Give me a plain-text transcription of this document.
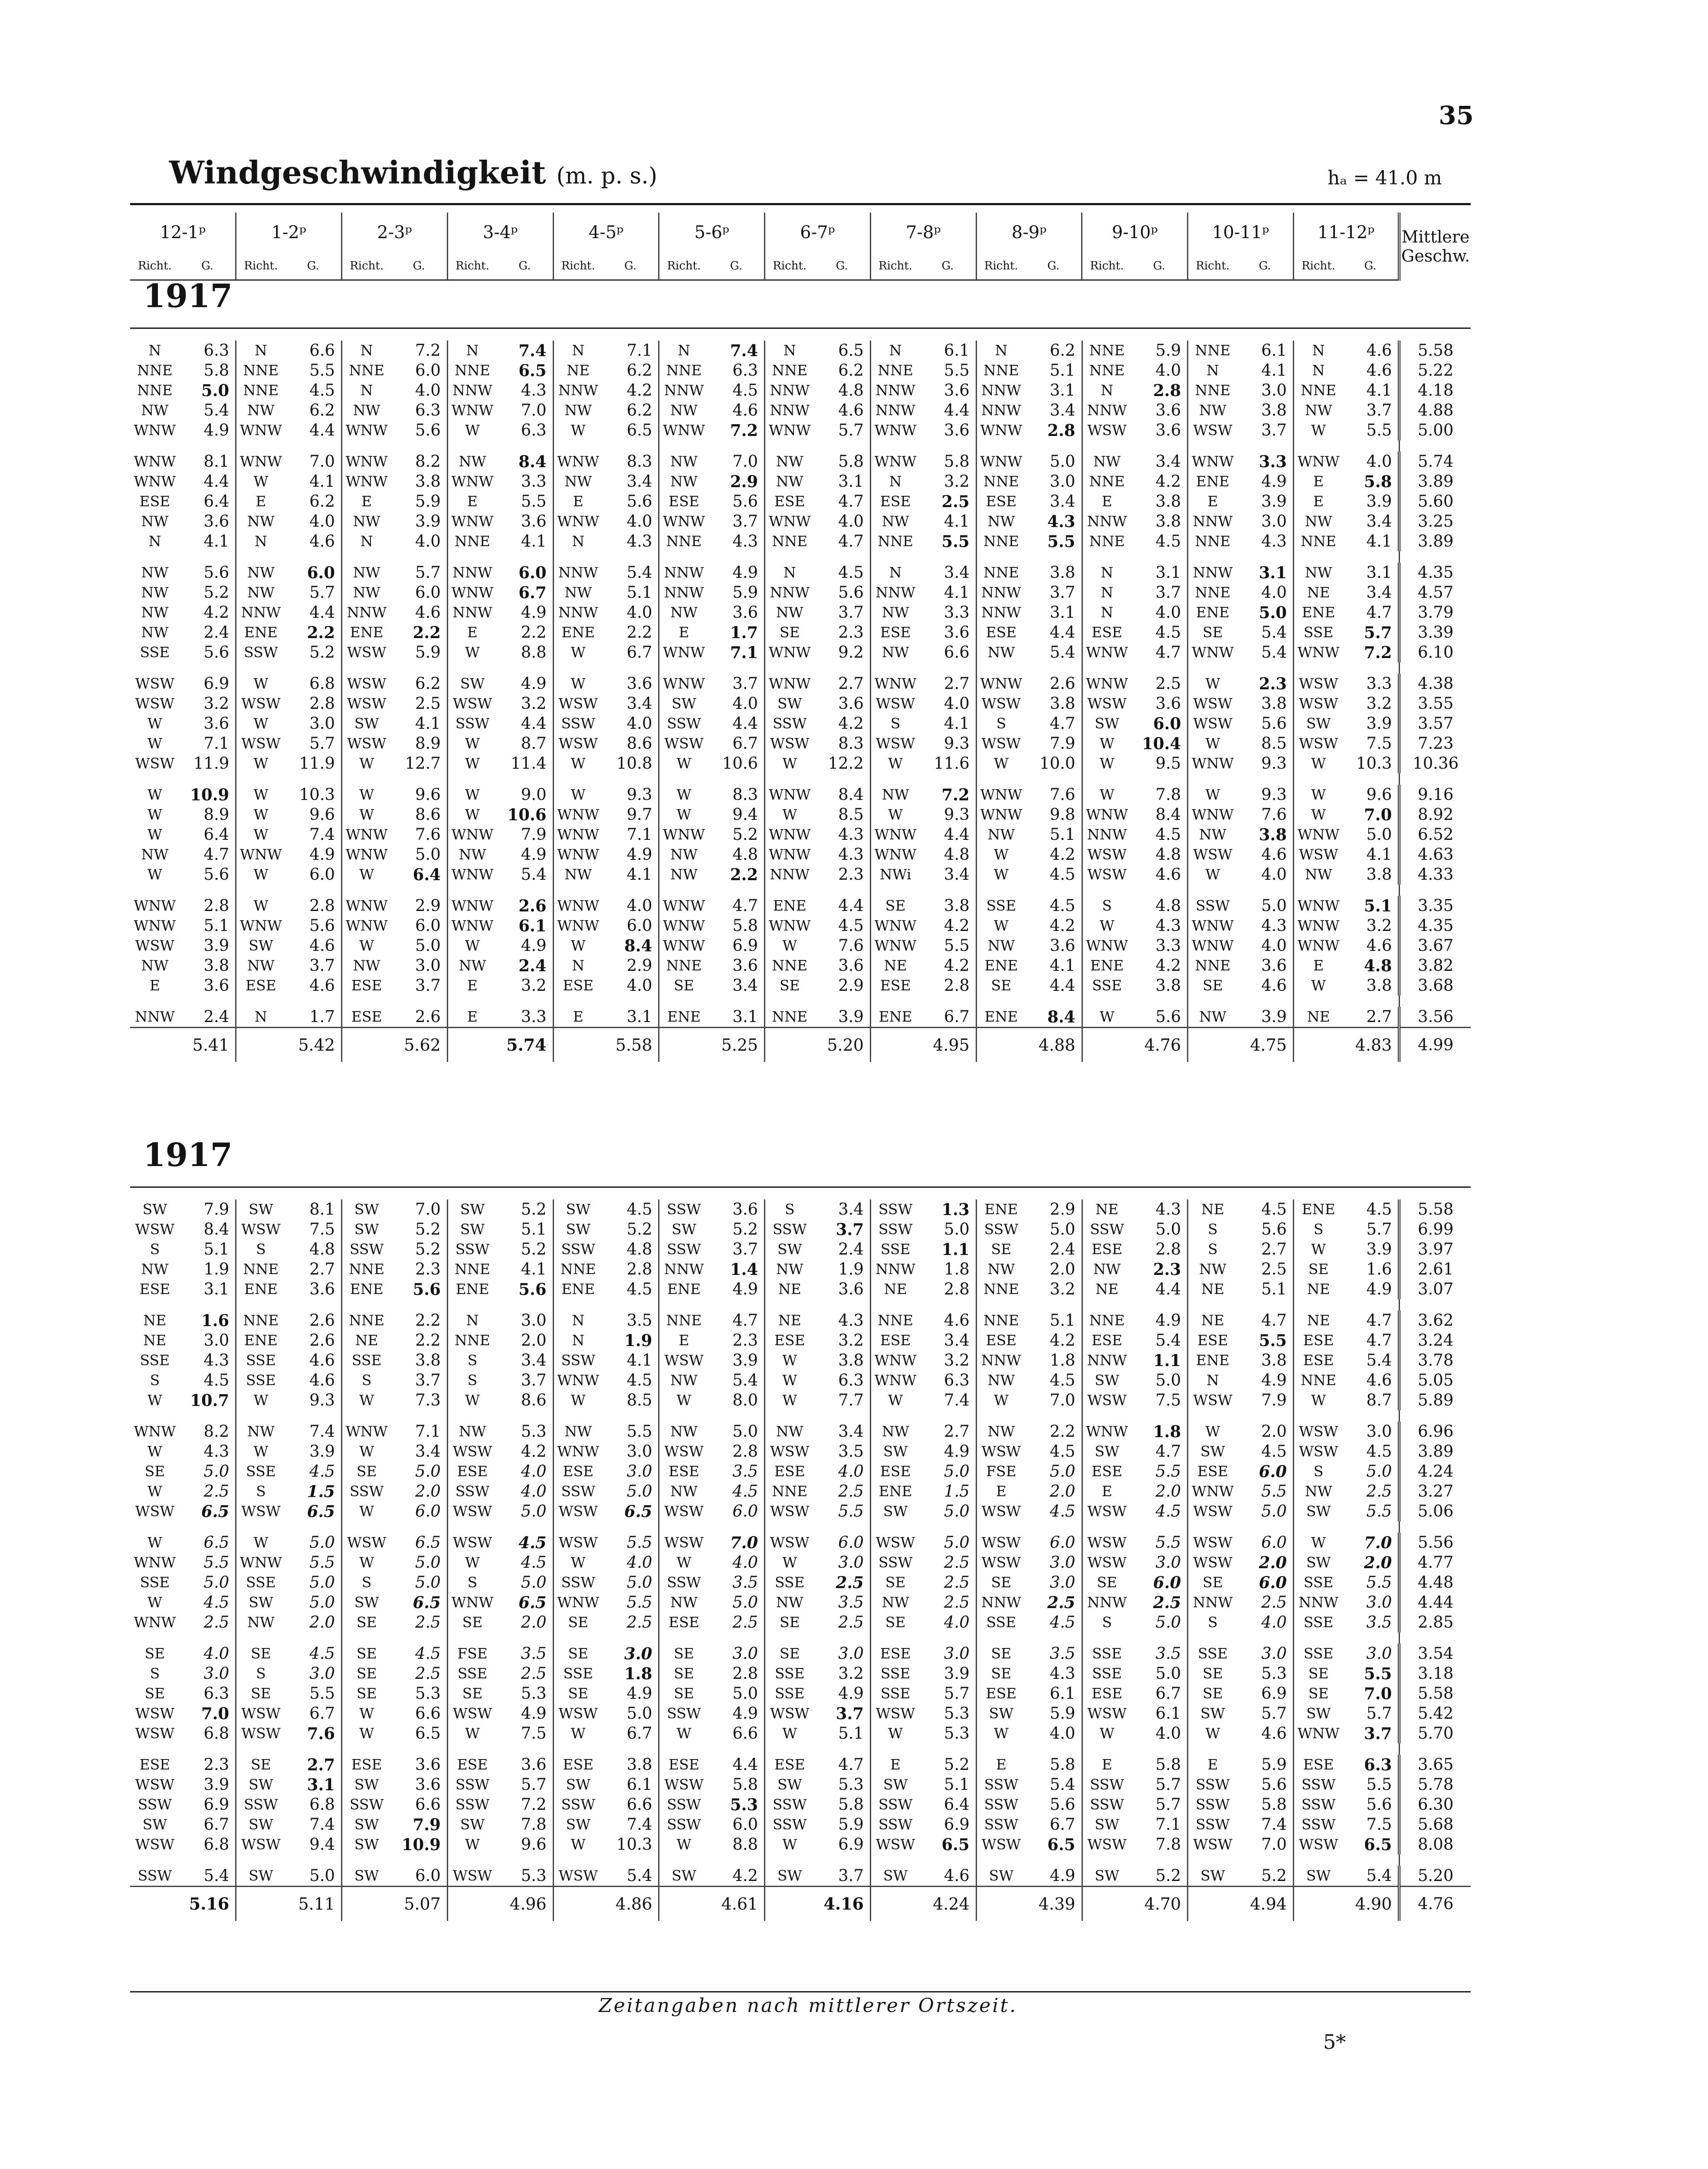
35
Windgeschwindigkeit (m. p. s.)	hₐ = 41.0 m
12-1ᵖ		1-2ᵖ		2-3ᵖ		3-4ᵖ		4-5ᵖ		5-6ᵖ		6-7ᵖ		7-8ᵖ		8-9ᵖ		9-10ᵖ		10-11ᵖ		11-12ᵖ		Mittlere Geschw.
Richt.	G.	Richt.	G.	Richt.	G.	Richt.	G.	Richt.	G.	Richt.	G.	Richt.	G.	Richt.	G.	Richt.	G.	Richt.	G.	Richt.	G.	Richt.	G.	
1917
N	6.3	N	6.6	N	7.2	N	7.4	N	7.1	N	7.4	N	6.5	N	6.1	N	6.2	NNE	5.9	NNE	6.1	N	4.6	5.58
NNE	5.8	NNE	5.5	NNE	6.0	NNE	6.5	NE	6.2	NNE	6.3	NNE	6.2	NNE	5.5	NNE	5.1	NNE	4.0	N	4.1	N	4.6	5.22
NNE	5.0	NNE	4.5	N	4.0	NNW	4.3	NNW	4.2	NNW	4.5	NNW	4.8	NNW	3.6	NNW	3.1	N	2.8	NNE	3.0	NNE	4.1	4.18
NW	5.4	NW	6.2	NW	6.3	WNW	7.0	NW	6.2	NW	4.6	NNW	4.6	NNW	4.4	NNW	3.4	NNW	3.6	NW	3.8	NW	3.7	4.88
WNW	4.9	WNW	4.4	WNW	5.6	W	6.3	W	6.5	WNW	7.2	WNW	5.7	WNW	3.6	WNW	2.8	WSW	3.6	WSW	3.7	W	5.5	5.00

WNW	8.1	WNW	7.0	WNW	8.2	NW	8.4	WNW	8.3	NW	7.0	NW	5.8	WNW	5.8	WNW	5.0	NW	3.4	WNW	3.3	WNW	4.0	5.74
WNW	4.4	W	4.1	WNW	3.8	WNW	3.3	NW	3.4	NW	2.9	NW	3.1	N	3.2	NNE	3.0	NNE	4.2	ENE	4.9	E	5.8	3.89
ESE	6.4	E	6.2	E	5.9	E	5.5	E	5.6	ESE	5.6	ESE	4.7	ESE	2.5	ESE	3.4	E	3.8	E	3.9	E	3.9	5.60
NW	3.6	NW	4.0	NW	3.9	WNW	3.6	WNW	4.0	WNW	3.7	WNW	4.0	NW	4.1	NW	4.3	NNW	3.8	NNW	3.0	NW	3.4	3.25
N	4.1	N	4.6	N	4.0	NNE	4.1	N	4.3	NNE	4.3	NNE	4.7	NNE	5.5	NNE	5.5	NNE	4.5	NNE	4.3	NNE	4.1	3.89

NW	5.6	NW	6.0	NW	5.7	NNW	6.0	NNW	5.4	NNW	4.9	N	4.5	N	3.4	NNE	3.8	N	3.1	NNW	3.1	NW	3.1	4.35
NW	5.2	NW	5.7	NW	6.0	WNW	6.7	NW	5.1	NNW	5.9	NNW	5.6	NNW	4.1	NNW	3.7	N	3.7	NNE	4.0	NE	3.4	4.57
NW	4.2	NNW	4.4	NNW	4.6	NNW	4.9	NNW	4.0	NW	3.6	NW	3.7	NW	3.3	NNW	3.1	N	4.0	ENE	5.0	ENE	4.7	3.79
NW	2.4	ENE	2.2	ENE	2.2	E	2.2	ENE	2.2	E	1.7	SE	2.3	ESE	3.6	ESE	4.4	ESE	4.5	SE	5.4	SSE	5.7	3.39
SSE	5.6	SSW	5.2	WSW	5.9	W	8.8	W	6.7	WNW	7.1	WNW	9.2	NW	6.6	NW	5.4	WNW	4.7	WNW	5.4	WNW	7.2	6.10

WSW	6.9	W	6.8	WSW	6.2	SW	4.9	W	3.6	WNW	3.7	WNW	2.7	WNW	2.7	WNW	2.6	WNW	2.5	W	2.3	WSW	3.3	4.38
WSW	3.2	WSW	2.8	WSW	2.5	WSW	3.2	WSW	3.4	SW	4.0	SW	3.6	WSW	4.0	WSW	3.8	WSW	3.6	WSW	3.8	WSW	3.2	3.55
W	3.6	W	3.0	SW	4.1	SSW	4.4	SSW	4.0	SSW	4.4	SSW	4.2	S	4.1	S	4.7	SW	6.0	WSW	5.6	SW	3.9	3.57
W	7.1	WSW	5.7	WSW	8.9	W	8.7	WSW	8.6	WSW	6.7	WSW	8.3	WSW	9.3	WSW	7.9	W	10.4	W	8.5	WSW	7.5	7.23
WSW	11.9	W	11.9	W	12.7	W	11.4	W	10.8	W	10.6	W	12.2	W	11.6	W	10.0	W	9.5	WNW	9.3	W	10.3	10.36

W	10.9	W	10.3	W	9.6	W	9.0	W	9.3	W	8.3	WNW	8.4	NW	7.2	WNW	7.6	W	7.8	W	9.3	W	9.6	9.16
W	8.9	W	9.6	W	8.6	W	10.6	WNW	9.7	W	9.4	W	8.5	W	9.3	WNW	9.8	WNW	8.4	WNW	7.6	W	7.0	8.92
W	6.4	W	7.4	WNW	7.6	WNW	7.9	WNW	7.1	WNW	5.2	WNW	4.3	WNW	4.4	NW	5.1	NNW	4.5	NW	3.8	WNW	5.0	6.52
NW	4.7	WNW	4.9	WNW	5.0	NW	4.9	WNW	4.9	NW	4.8	WNW	4.3	WNW	4.8	W	4.2	WSW	4.8	WSW	4.6	WSW	4.1	4.63
W	5.6	W	6.0	W	6.4	WNW	5.4	NW	4.1	NW	2.2	NNW	2.3	NWi	3.4	W	4.5	WSW	4.6	W	4.0	NW	3.8	4.33

WNW	2.8	W	2.8	WNW	2.9	WNW	2.6	WNW	4.0	WNW	4.7	ENE	4.4	SE	3.8	SSE	4.5	S	4.8	SSW	5.0	WNW	5.1	3.35
WNW	5.1	WNW	5.6	WNW	6.0	WNW	6.1	WNW	6.0	WNW	5.8	WNW	4.5	WNW	4.2	W	4.2	W	4.3	WNW	4.3	WNW	3.2	4.35
WSW	3.9	SW	4.6	W	5.0	W	4.9	W	8.4	WNW	6.9	W	7.6	WNW	5.5	NW	3.6	WNW	3.3	WNW	4.0	WNW	4.6	3.67
NW	3.8	NW	3.7	NW	3.0	NW	2.4	N	2.9	NNE	3.6	NNE	3.6	NE	4.2	ENE	4.1	ENE	4.2	NNE	3.6	E	4.8	3.82
E	3.6	ESE	4.6	ESE	3.7	E	3.2	ESE	4.0	SE	3.4	SE	2.9	ESE	2.8	SE	4.4	SSE	3.8	SE	4.6	W	3.8	3.68

NNW	2.4	N	1.7	ESE	2.6	E	3.3	E	3.1	ENE	3.1	NNE	3.9	ENE	6.7	ENE	8.4	W	5.6	NW	3.9	NE	2.7	3.56
	5.41		5.42		5.62		5.74		5.58		5.25		5.20		4.95		4.88		4.76		4.75		4.83	4.99
1917
SW	7.9	SW	8.1	SW	7.0	SW	5.2	SW	4.5	SSW	3.6	S	3.4	SSW	1.3	ENE	2.9	NE	4.3	NE	4.5	ENE	4.5	5.58
WSW	8.4	WSW	7.5	SW	5.2	SW	5.1	SW	5.2	SW	5.2	SSW	3.7	SSW	5.0	SSW	5.0	SSW	5.0	S	5.6	S	5.7	6.99
S	5.1	S	4.8	SSW	5.2	SSW	5.2	SSW	4.8	SSW	3.7	SW	2.4	SSE	1.1	SE	2.4	ESE	2.8	S	2.7	W	3.9	3.97
NW	1.9	NNE	2.7	NNE	2.3	NNE	4.1	NNE	2.8	NNW	1.4	NW	1.9	NNW	1.8	NW	2.0	NW	2.3	NW	2.5	SE	1.6	2.61
ESE	3.1	ENE	3.6	ENE	5.6	ENE	5.6	ENE	4.5	ENE	4.9	NE	3.6	NE	2.8	NNE	3.2	NE	4.4	NE	5.1	NE	4.9	3.07

NE	1.6	NNE	2.6	NNE	2.2	N	3.0	N	3.5	NNE	4.7	NE	4.3	NNE	4.6	NNE	5.1	NNE	4.9	NE	4.7	NE	4.7	3.62
NE	3.0	ENE	2.6	NE	2.2	NNE	2.0	N	1.9	E	2.3	ESE	3.2	ESE	3.4	ESE	4.2	ESE	5.4	ESE	5.5	ESE	4.7	3.24
SSE	4.3	SSE	4.6	SSE	3.8	S	3.4	SSW	4.1	WSW	3.9	W	3.8	WNW	3.2	NNW	1.8	NNW	1.1	ENE	3.8	ESE	5.4	3.78
S	4.5	SSE	4.6	S	3.7	S	3.7	WNW	4.5	NW	5.4	W	6.3	WNW	6.3	NW	4.5	SW	5.0	N	4.9	NNE	4.6	5.05
W	10.7	W	9.3	W	7.3	W	8.6	W	8.5	W	8.0	W	7.7	W	7.4	W	7.0	WSW	7.5	WSW	7.9	W	8.7	5.89

WNW	8.2	NW	7.4	WNW	7.1	NW	5.3	NW	5.5	NW	5.0	NW	3.4	NW	2.7	NW	2.2	WNW	1.8	W	2.0	WSW	3.0	6.96
W	4.3	W	3.9	W	3.4	WSW	4.2	WNW	3.0	WSW	2.8	WSW	3.5	SW	4.9	WSW	4.5	SW	4.7	SW	4.5	WSW	4.5	3.89
SE	5.0	SSE	4.5	SE	5.0	ESE	4.0	ESE	3.0	ESE	3.5	ESE	4.0	ESE	5.0	FSE	5.0	ESE	5.5	ESE	6.0	S	5.0	4.24
W	2.5	S	1.5	SSW	2.0	SSW	4.0	SSW	5.0	NW	4.5	NNE	2.5	ENE	1.5	E	2.0	E	2.0	WNW	5.5	NW	2.5	3.27
WSW	6.5	WSW	6.5	W	6.0	WSW	5.0	WSW	6.5	WSW	6.0	WSW	5.5	SW	5.0	WSW	4.5	WSW	4.5	WSW	5.0	SW	5.5	5.06

W	6.5	W	5.0	WSW	6.5	WSW	4.5	WSW	5.5	WSW	7.0	WSW	6.0	WSW	5.0	WSW	6.0	WSW	5.5	WSW	6.0	W	7.0	5.56
WNW	5.5	WNW	5.5	W	5.0	W	4.5	W	4.0	W	4.0	W	3.0	SSW	2.5	WSW	3.0	WSW	3.0	WSW	2.0	SW	2.0	4.77
SSE	5.0	SSE	5.0	S	5.0	S	5.0	SSW	5.0	SSW	3.5	SSE	2.5	SE	2.5	SE	3.0	SE	6.0	SE	6.0	SSE	5.5	4.48
W	4.5	SW	5.0	SW	6.5	WNW	6.5	WNW	5.5	NW	5.0	NW	3.5	NW	2.5	NNW	2.5	NNW	2.5	NNW	2.5	NNW	3.0	4.44
WNW	2.5	NW	2.0	SE	2.5	SE	2.0	SE	2.5	ESE	2.5	SE	2.5	SE	4.0	SSE	4.5	S	5.0	S	4.0	SSE	3.5	2.85

SE	4.0	SE	4.5	SE	4.5	FSE	3.5	SE	3.0	SE	3.0	SE	3.0	ESE	3.0	SE	3.5	SSE	3.5	SSE	3.0	SSE	3.0	3.54
S	3.0	S	3.0	SE	2.5	SSE	2.5	SSE	1.8	SE	2.8	SSE	3.2	SSE	3.9	SE	4.3	SSE	5.0	SE	5.3	SE	5.5	3.18
SE	6.3	SE	5.5	SE	5.3	SE	5.3	SE	4.9	SE	5.0	SSE	4.9	SSE	5.7	ESE	6.1	ESE	6.7	SE	6.9	SE	7.0	5.58
WSW	7.0	WSW	6.7	W	6.6	WSW	4.9	WSW	5.0	SSW	4.9	WSW	3.7	WSW	5.3	SW	5.9	WSW	6.1	SW	5.7	SW	5.7	5.42
WSW	6.8	WSW	7.6	W	6.5	W	7.5	W	6.7	W	6.6	W	5.1	W	5.3	W	4.0	W	4.0	W	4.6	WNW	3.7	5.70

ESE	2.3	SE	2.7	ESE	3.6	ESE	3.6	ESE	3.8	ESE	4.4	ESE	4.7	E	5.2	E	5.8	E	5.8	E	5.9	ESE	6.3	3.65
WSW	3.9	SW	3.1	SW	3.6	SSW	5.7	SW	6.1	WSW	5.8	SW	5.3	SW	5.1	SSW	5.4	SSW	5.7	SSW	5.6	SSW	5.5	5.78
SSW	6.9	SSW	6.8	SSW	6.6	SSW	7.2	SSW	6.6	SSW	5.3	SSW	5.8	SSW	6.4	SSW	5.6	SSW	5.7	SSW	5.8	SSW	5.6	6.30
SW	6.7	SW	7.4	SW	7.9	SW	7.8	SW	7.4	SSW	6.0	SSW	5.9	SSW	6.9	SSW	6.7	SW	7.1	SSW	7.4	SSW	7.5	5.68
WSW	6.8	WSW	9.4	SW	10.9	W	9.6	W	10.3	W	8.8	W	6.9	WSW	6.5	WSW	6.5	WSW	7.8	WSW	7.0	WSW	6.5	8.08

SSW	5.4	SW	5.0	SW	6.0	WSW	5.3	WSW	5.4	SW	4.2	SW	3.7	SW	4.6	SW	4.9	SW	5.2	SW	5.2	SW	5.4	5.20
	5.16		5.11		5.07		4.96		4.86		4.61		4.16		4.24		4.39		4.70		4.94		4.90	4.76
Zeitangaben nach mittlerer Ortszeit.
5*
